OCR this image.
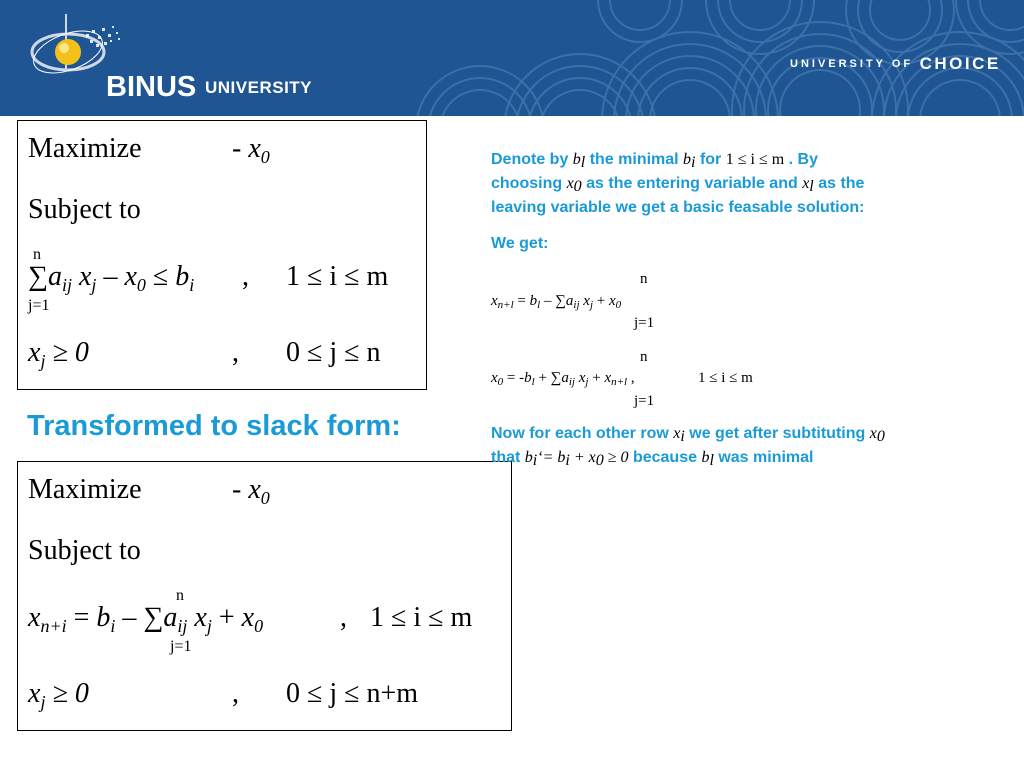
BINUS UNIVERSITY
UNIVERSITY OF CHOICE
Maximize	- $x_0$
Subject to
n
$\sum a_{ij}$ $x_j - x_0 \le b_i$ , 1 ≤ i ≤ m
j=1
$x_j \ge 0$	, 0 ≤ j ≤ n
Transformed to slack form:
Maximize	- $x_0$
Subject to
n
$x_{n+i} = b_i - \sum a_{ij}$ $x_j + x_0$	, 1 ≤ i ≤ m
j=1
$x_j \ge 0$	, 0 ≤ j ≤ n+m
Denote by $b_l$ the minimal $b_i$ for 1 ≤ i ≤ m . By
choosing $x_0$ as the entering variable and $x_l$ as the
leaving variable we get a basic feasable solution:
We get:
n
$x_{n+l} = b_l - \sum a_{ij}$ $x_j + x_0$
j=1
n
$x_0 = -b_l + \sum a_{ij}$ $x_j + x_{n+l}$ ,	1 ≤ i ≤ m
j=1
Now for each other row $x_i$ we get after subtituting $x_0$
that $b_i‘= b_i + x_0 \ge 0$ because $b_l$ was minimal
